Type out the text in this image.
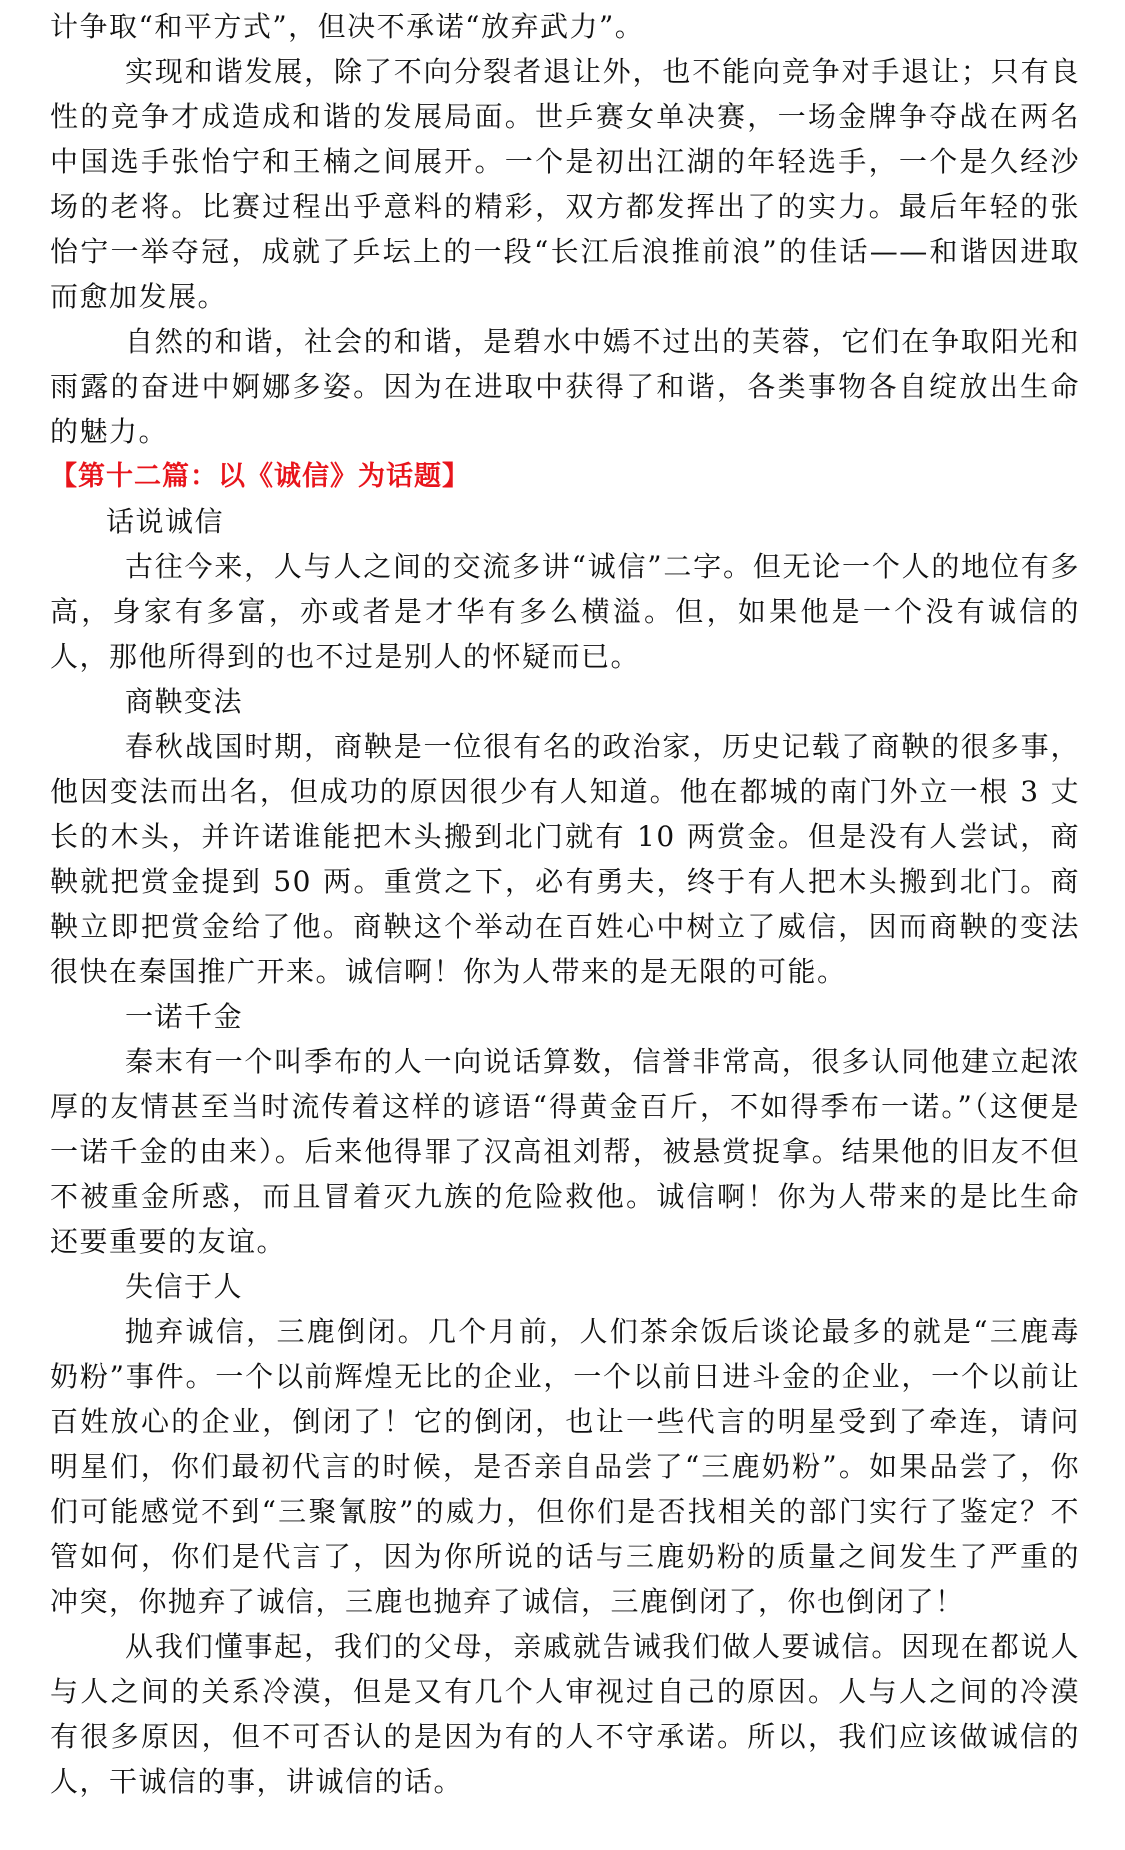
计争取“和平方式”，但决不承诺“放弃武力”。

实现和谐发展，除了不向分裂者退让外，也不能向竞争对手退让；只有良性的竞争才成造成和谐的发展局面。世乒赛女单决赛，一场金牌争夺战在两名中国选手张怡宁和王楠之间展开。一个是初出江湖的年轻选手，一个是久经沙场的老将。比赛过程出乎意料的精彩，双方都发挥出了的实力。最后年轻的张怡宁一举夺冠，成就了乒坛上的一段“长江后浪推前浪”的佳话——和谐因进取而愈加发展。

自然的和谐，社会的和谐，是碧水中嫣不过出的芙蓉，它们在争取阳光和雨露的奋进中婀娜多姿。因为在进取中获得了和谐，各类事物各自绽放出生命的魅力。

【第十二篇：以《诚信》为话题】

话说诚信

古往今来，人与人之间的交流多讲“诚信”二字。但无论一个人的地位有多高，身家有多富，亦或者是才华有多么横溢。但，如果他是一个没有诚信的人，那他所得到的也不过是别人的怀疑而已。

商鞅变法

春秋战国时期，商鞅是一位很有名的政治家，历史记载了商鞅的很多事，他因变法而出名，但成功的原因很少有人知道。他在都城的南门外立一根 3 丈长的木头，并许诺谁能把木头搬到北门就有 10 两赏金。但是没有人尝试，商鞅就把赏金提到 50 两。重赏之下，必有勇夫，终于有人把木头搬到北门。商鞅立即把赏金给了他。商鞅这个举动在百姓心中树立了威信，因而商鞅的变法很快在秦国推广开来。诚信啊！你为人带来的是无限的可能。

一诺千金

秦末有一个叫季布的人一向说话算数，信誉非常高，很多认同他建立起浓厚的友情甚至当时流传着这样的谚语“得黄金百斤，不如得季布一诺。”（这便是一诺千金的由来）。后来他得罪了汉高祖刘帮，被悬赏捉拿。结果他的旧友不但不被重金所惑，而且冒着灭九族的危险救他。诚信啊！你为人带来的是比生命还要重要的友谊。

失信于人

抛弃诚信，三鹿倒闭。几个月前，人们茶余饭后谈论最多的就是“三鹿毒奶粉”事件。一个以前辉煌无比的企业，一个以前日进斗金的企业，一个以前让百姓放心的企业，倒闭了！它的倒闭，也让一些代言的明星受到了牵连，请问明星们，你们最初代言的时候，是否亲自品尝了“三鹿奶粉”。如果品尝了，你们可能感觉不到“三聚氰胺”的威力，但你们是否找相关的部门实行了鉴定？不管如何，你们是代言了，因为你所说的话与三鹿奶粉的质量之间发生了严重的冲突，你抛弃了诚信，三鹿也抛弃了诚信，三鹿倒闭了，你也倒闭了！

从我们懂事起，我们的父母，亲戚就告诫我们做人要诚信。因现在都说人与人之间的关系冷漠，但是又有几个人审视过自己的原因。人与人之间的冷漠有很多原因，但不可否认的是因为有的人不守承诺。所以，我们应该做诚信的人，干诚信的事，讲诚信的话。
